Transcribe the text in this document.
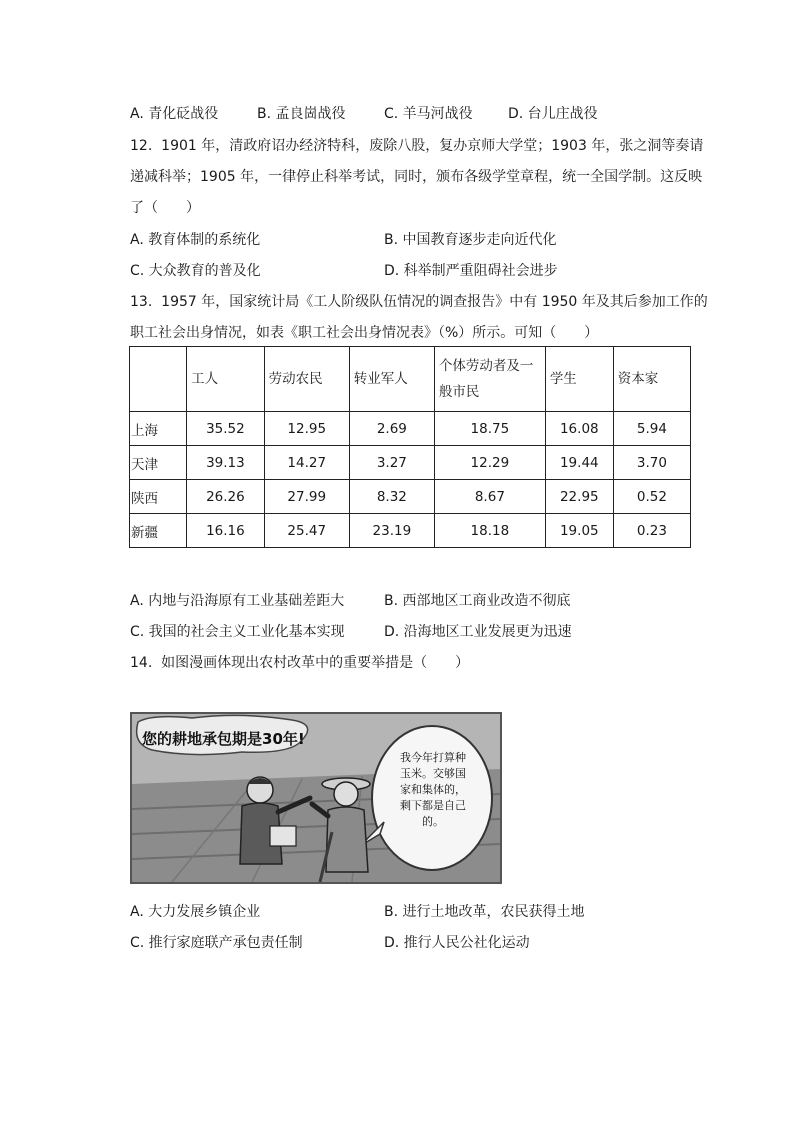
A. 青化砭战役	B. 孟良崮战役	C. 羊马河战役	D. 台儿庄战役
12.  1901 年，清政府诏办经济特科，废除八股，复办京师大学堂；1903 年，张之洞等奏请
递减科举；1905 年，一律停止科举考试，同时，颁布各级学堂章程，统一全国学制。这反映
了（　　）
A. 教育体制的系统化	B. 中国教育逐步走向近代化
C. 大众教育的普及化	D. 科举制严重阻碍社会进步
13.  1957 年，国家统计局《工人阶级队伍情况的调查报告》中有 1950 年及其后参加工作的
职工社会出身情况，如表《职工社会出身情况表》（%）所示。可知（　　）
	工人	劳动农民	转业军人	个体劳动者及一般市民	学生	资本家
上海	35.52	12.95	2.69	18.75	16.08	5.94
天津	39.13	14.27	3.27	12.29	19.44	3.70
陕西	26.26	27.99	8.32	8.67	22.95	0.52
新疆	16.16	25.47	23.19	18.18	19.05	0.23
A. 内地与沿海原有工业基础差距大	B. 西部地区工商业改造不彻底
C. 我国的社会主义工业化基本实现	D. 沿海地区工业发展更为迅速
14.  如图漫画体现出农村改革中的重要举措是（　　）
您的耕地承包期是30年!
我今年打算种玉米。交够国家和集体的，剩下都是自己的。
A. 大力发展乡镇企业	B. 进行土地改革，农民获得土地
C. 推行家庭联产承包责任制	D. 推行人民公社化运动
